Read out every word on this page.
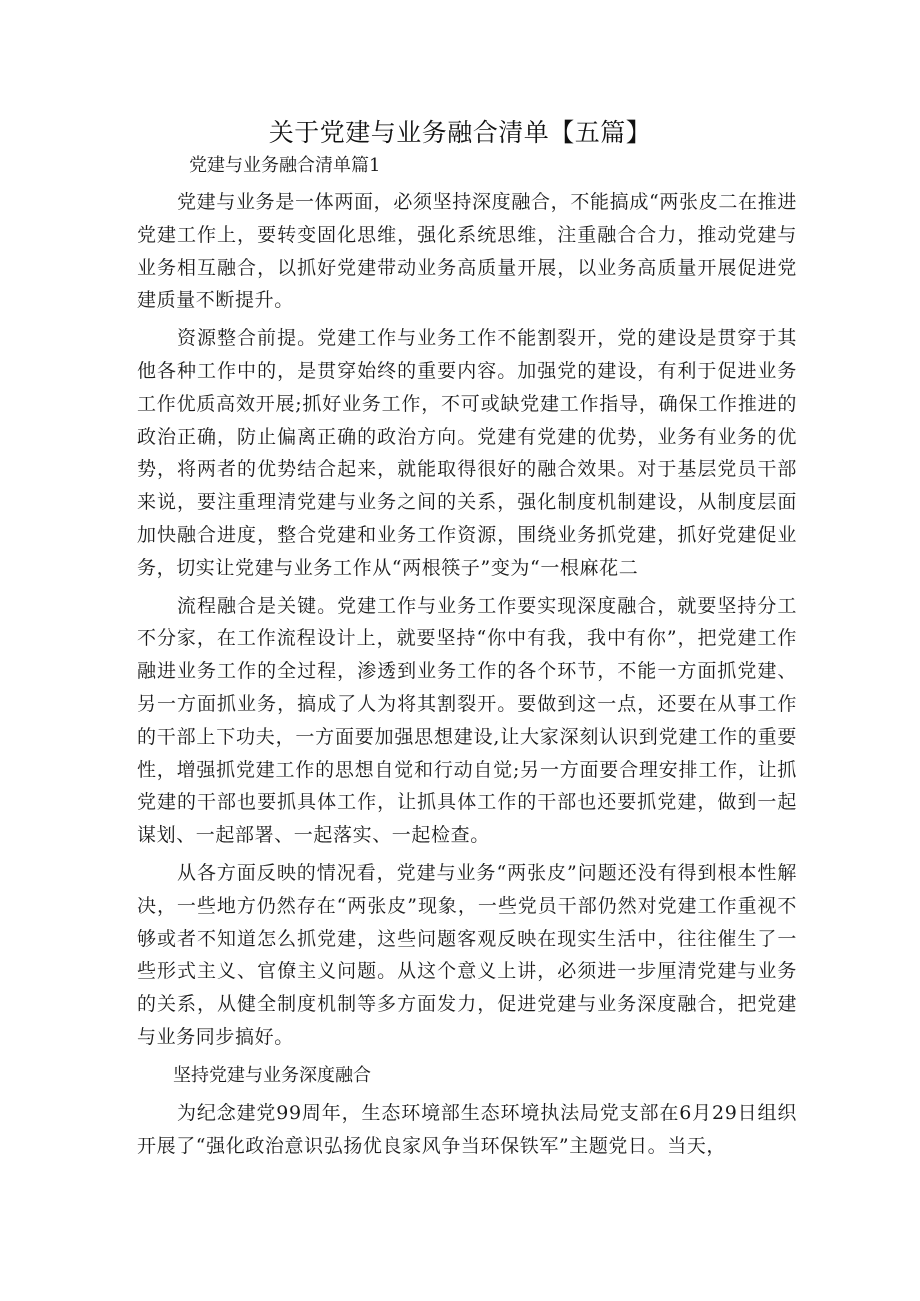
关于党建与业务融合清单【五篇】

党建与业务融合清单篇1

党建与业务是一体两面，必须坚持深度融合，不能搞成“两张皮二在推进党建工作上，要转变固化思维，强化系统思维，注重融合合力，推动党建与业务相互融合，以抓好党建带动业务高质量开展，以业务高质量开展促进党建质量不断提升。

资源整合前提。党建工作与业务工作不能割裂开，党的建设是贯穿于其他各种工作中的，是贯穿始终的重要内容。加强党的建设，有利于促进业务工作优质高效开展;抓好业务工作，不可或缺党建工作指导，确保工作推进的政治正确，防止偏离正确的政治方向。党建有党建的优势，业务有业务的优势，将两者的优势结合起来，就能取得很好的融合效果。对于基层党员干部来说，要注重理清党建与业务之间的关系，强化制度机制建设，从制度层面加快融合进度，整合党建和业务工作资源，围绕业务抓党建，抓好党建促业务，切实让党建与业务工作从“两根筷子”变为“一根麻花二

流程融合是关键。党建工作与业务工作要实现深度融合，就要坚持分工不分家，在工作流程设计上，就要坚持“你中有我，我中有你”，把党建工作融进业务工作的全过程，渗透到业务工作的各个环节，不能一方面抓党建、另一方面抓业务，搞成了人为将其割裂开。要做到这一点，还要在从事工作的干部上下功夫，一方面要加强思想建设,让大家深刻认识到党建工作的重要性，增强抓党建工作的思想自觉和行动自觉;另一方面要合理安排工作，让抓党建的干部也要抓具体工作，让抓具体工作的干部也还要抓党建，做到一起谋划、一起部署、一起落实、一起检查。

从各方面反映的情况看，党建与业务“两张皮”问题还没有得到根本性解决，一些地方仍然存在“两张皮”现象，一些党员干部仍然对党建工作重视不够或者不知道怎么抓党建，这些问题客观反映在现实生活中，往往催生了一些形式主义、官僚主义问题。从这个意义上讲，必须进一步厘清党建与业务的关系，从健全制度机制等多方面发力，促进党建与业务深度融合，把党建与业务同步搞好。

坚持党建与业务深度融合

为纪念建党99周年，生态环境部生态环境执法局党支部在6月29日组织开展了“强化政治意识弘扬优良家风争当环保铁军”主题党日。当天，
